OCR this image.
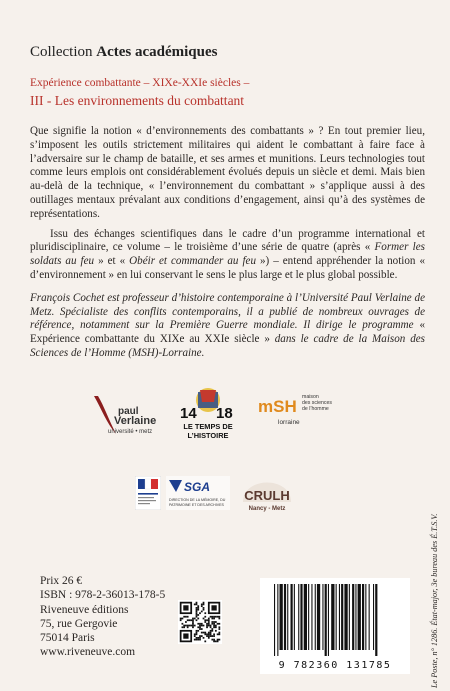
Collection Actes académiques
Expérience combattante – XIXe-XXIe siècles –
III - Les environnements du combattant

Que signifie la notion « d’environnements des combattants » ? En tout premier lieu, s’imposent les outils strictement militaires qui aident le combattant à faire face à l’adversaire sur le champ de bataille, et ses armes et munitions. Leurs technologies tout comme leurs emplois ont considérablement évolués depuis un siècle et demi. Mais bien au-delà de la technique, « l’environnement du combattant » s’applique aussi à des outillages mentaux prévalant aux conditions d’engagement, ainsi qu’à des systèmes de représentations.

Issu des échanges scientifiques dans le cadre d’un programme international et pluridisciplinaire, ce volume – le troisième d’une série de quatre (après « Former les soldats au feu » et « Obéir et commander au feu ») – entend appréhender la notion « d’environnement » en lui conservant le sens le plus large et le plus global possible.

François Cochet est professeur d’histoire contemporaine à l’Université Paul Verlaine de Metz. Spécialiste des conflits contemporains, il a publié de nombreux ouvrages de référence, notamment sur la Première Guerre mondiale. Il dirige le programme « Expérience combattante du XIXe au XXIe siècle » dans le cadre de la Maison des Sciences de l’Homme (MSH)-Lorraine.

paul
Verlaine
université • metz
14 18
LE TEMPS DE
L’HISTOIRE
mSH maison
des sciences
de l’homme
lorraine
SGA
DIRECTION DE LA MÉMOIRE, DU
PATRIMOINE ET DES ARCHIVES
CRULH
Nancy - Metz
Prix 26 €
ISBN : 978-2-36013-178-5
Riveneuve éditions
75, rue Gergovie
75014 Paris
www.riveneuve.com
9 782360 131785	Le Poste, n° 1286. État-major, 3e bureau des É.T.S.V.
